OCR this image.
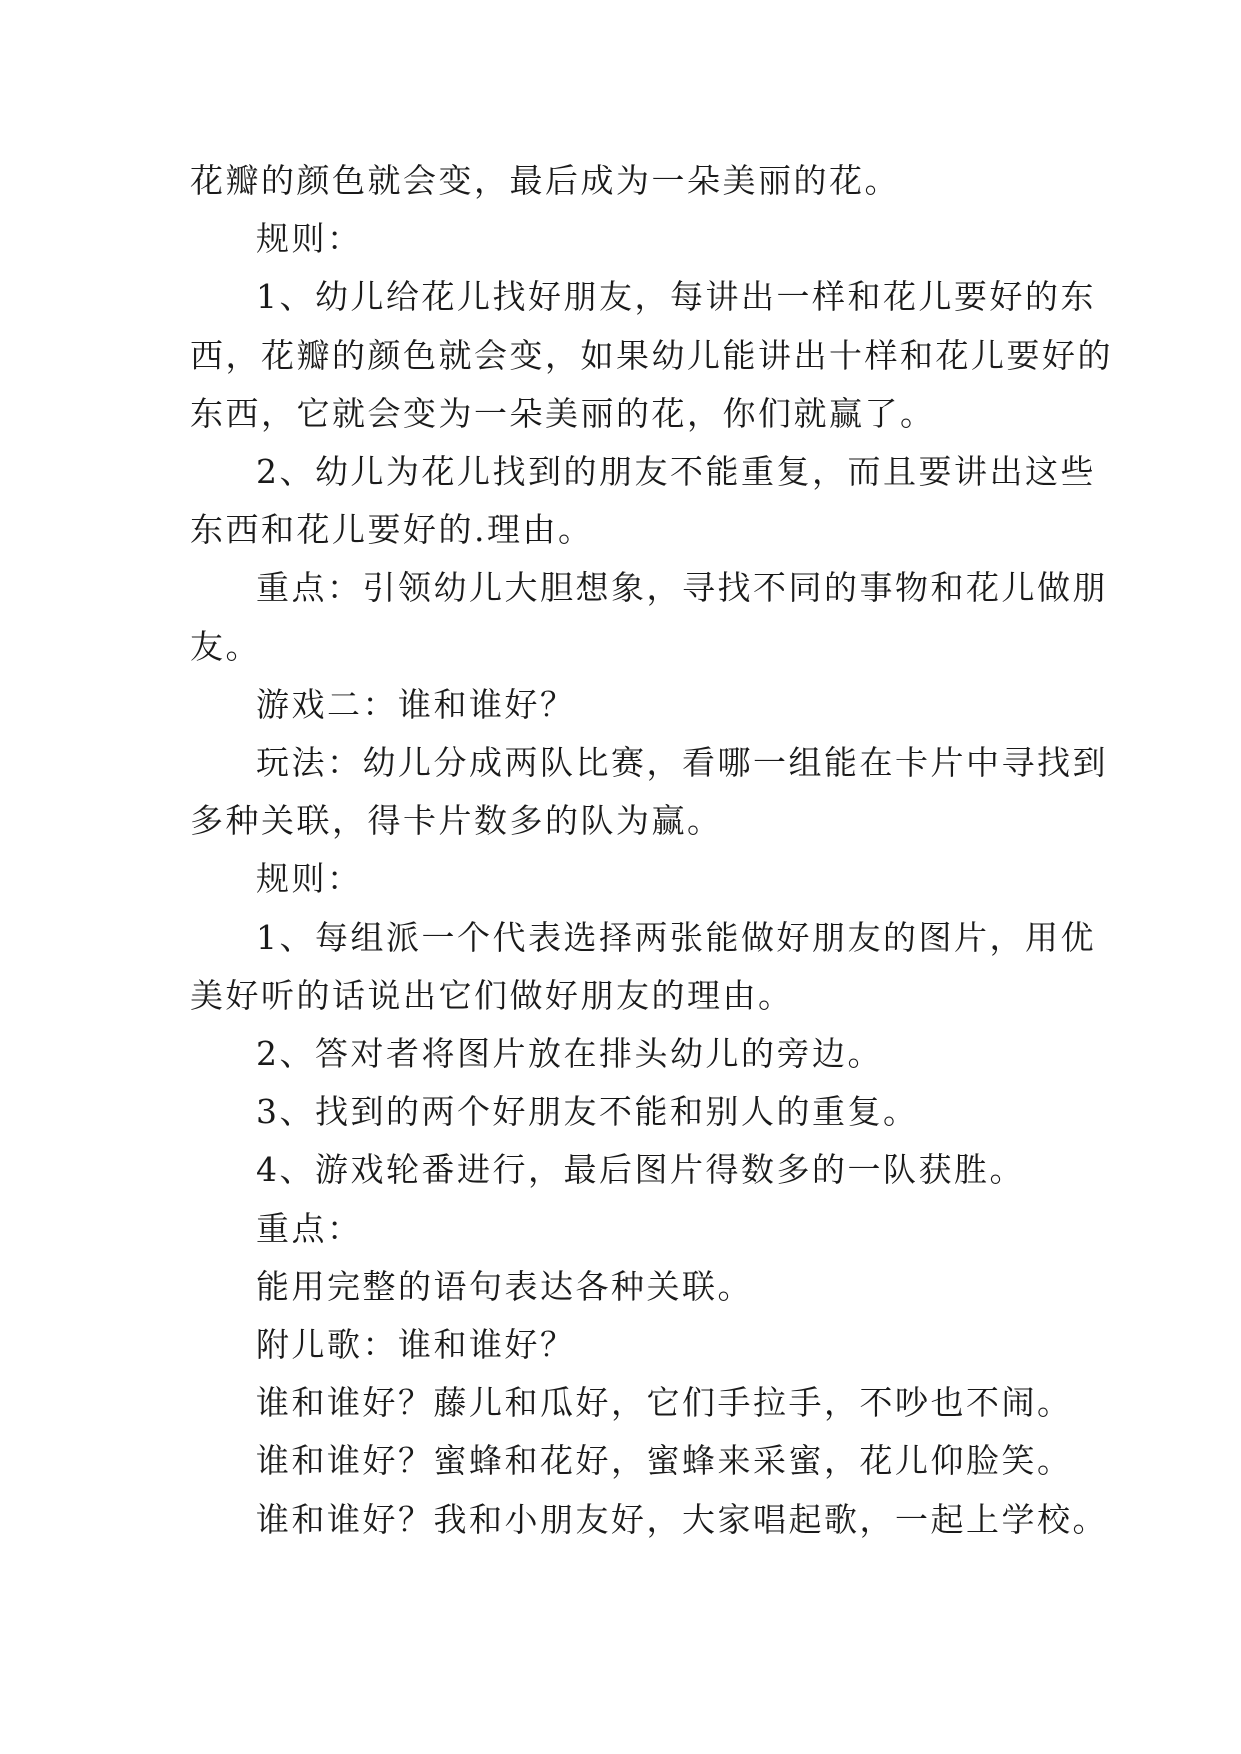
花瓣的颜色就会变，最后成为一朵美丽的花。

规则：

1、幼儿给花儿找好朋友，每讲出一样和花儿要好的东

西，花瓣的颜色就会变，如果幼儿能讲出十样和花儿要好的

东西，它就会变为一朵美丽的花，你们就赢了。

2、幼儿为花儿找到的朋友不能重复，而且要讲出这些

东西和花儿要好的.理由。

重点：引领幼儿大胆想象，寻找不同的事物和花儿做朋

友。

游戏二：谁和谁好？

玩法：幼儿分成两队比赛，看哪一组能在卡片中寻找到

多种关联，得卡片数多的队为赢。

规则：

1、每组派一个代表选择两张能做好朋友的图片，用优

美好听的话说出它们做好朋友的理由。

2、答对者将图片放在排头幼儿的旁边。

3、找到的两个好朋友不能和别人的重复。

4、游戏轮番进行，最后图片得数多的一队获胜。

重点：

能用完整的语句表达各种关联。

附儿歌：谁和谁好？

谁和谁好？藤儿和瓜好，它们手拉手，不吵也不闹。

谁和谁好？蜜蜂和花好，蜜蜂来采蜜，花儿仰脸笑。

谁和谁好？我和小朋友好，大家唱起歌，一起上学校。
